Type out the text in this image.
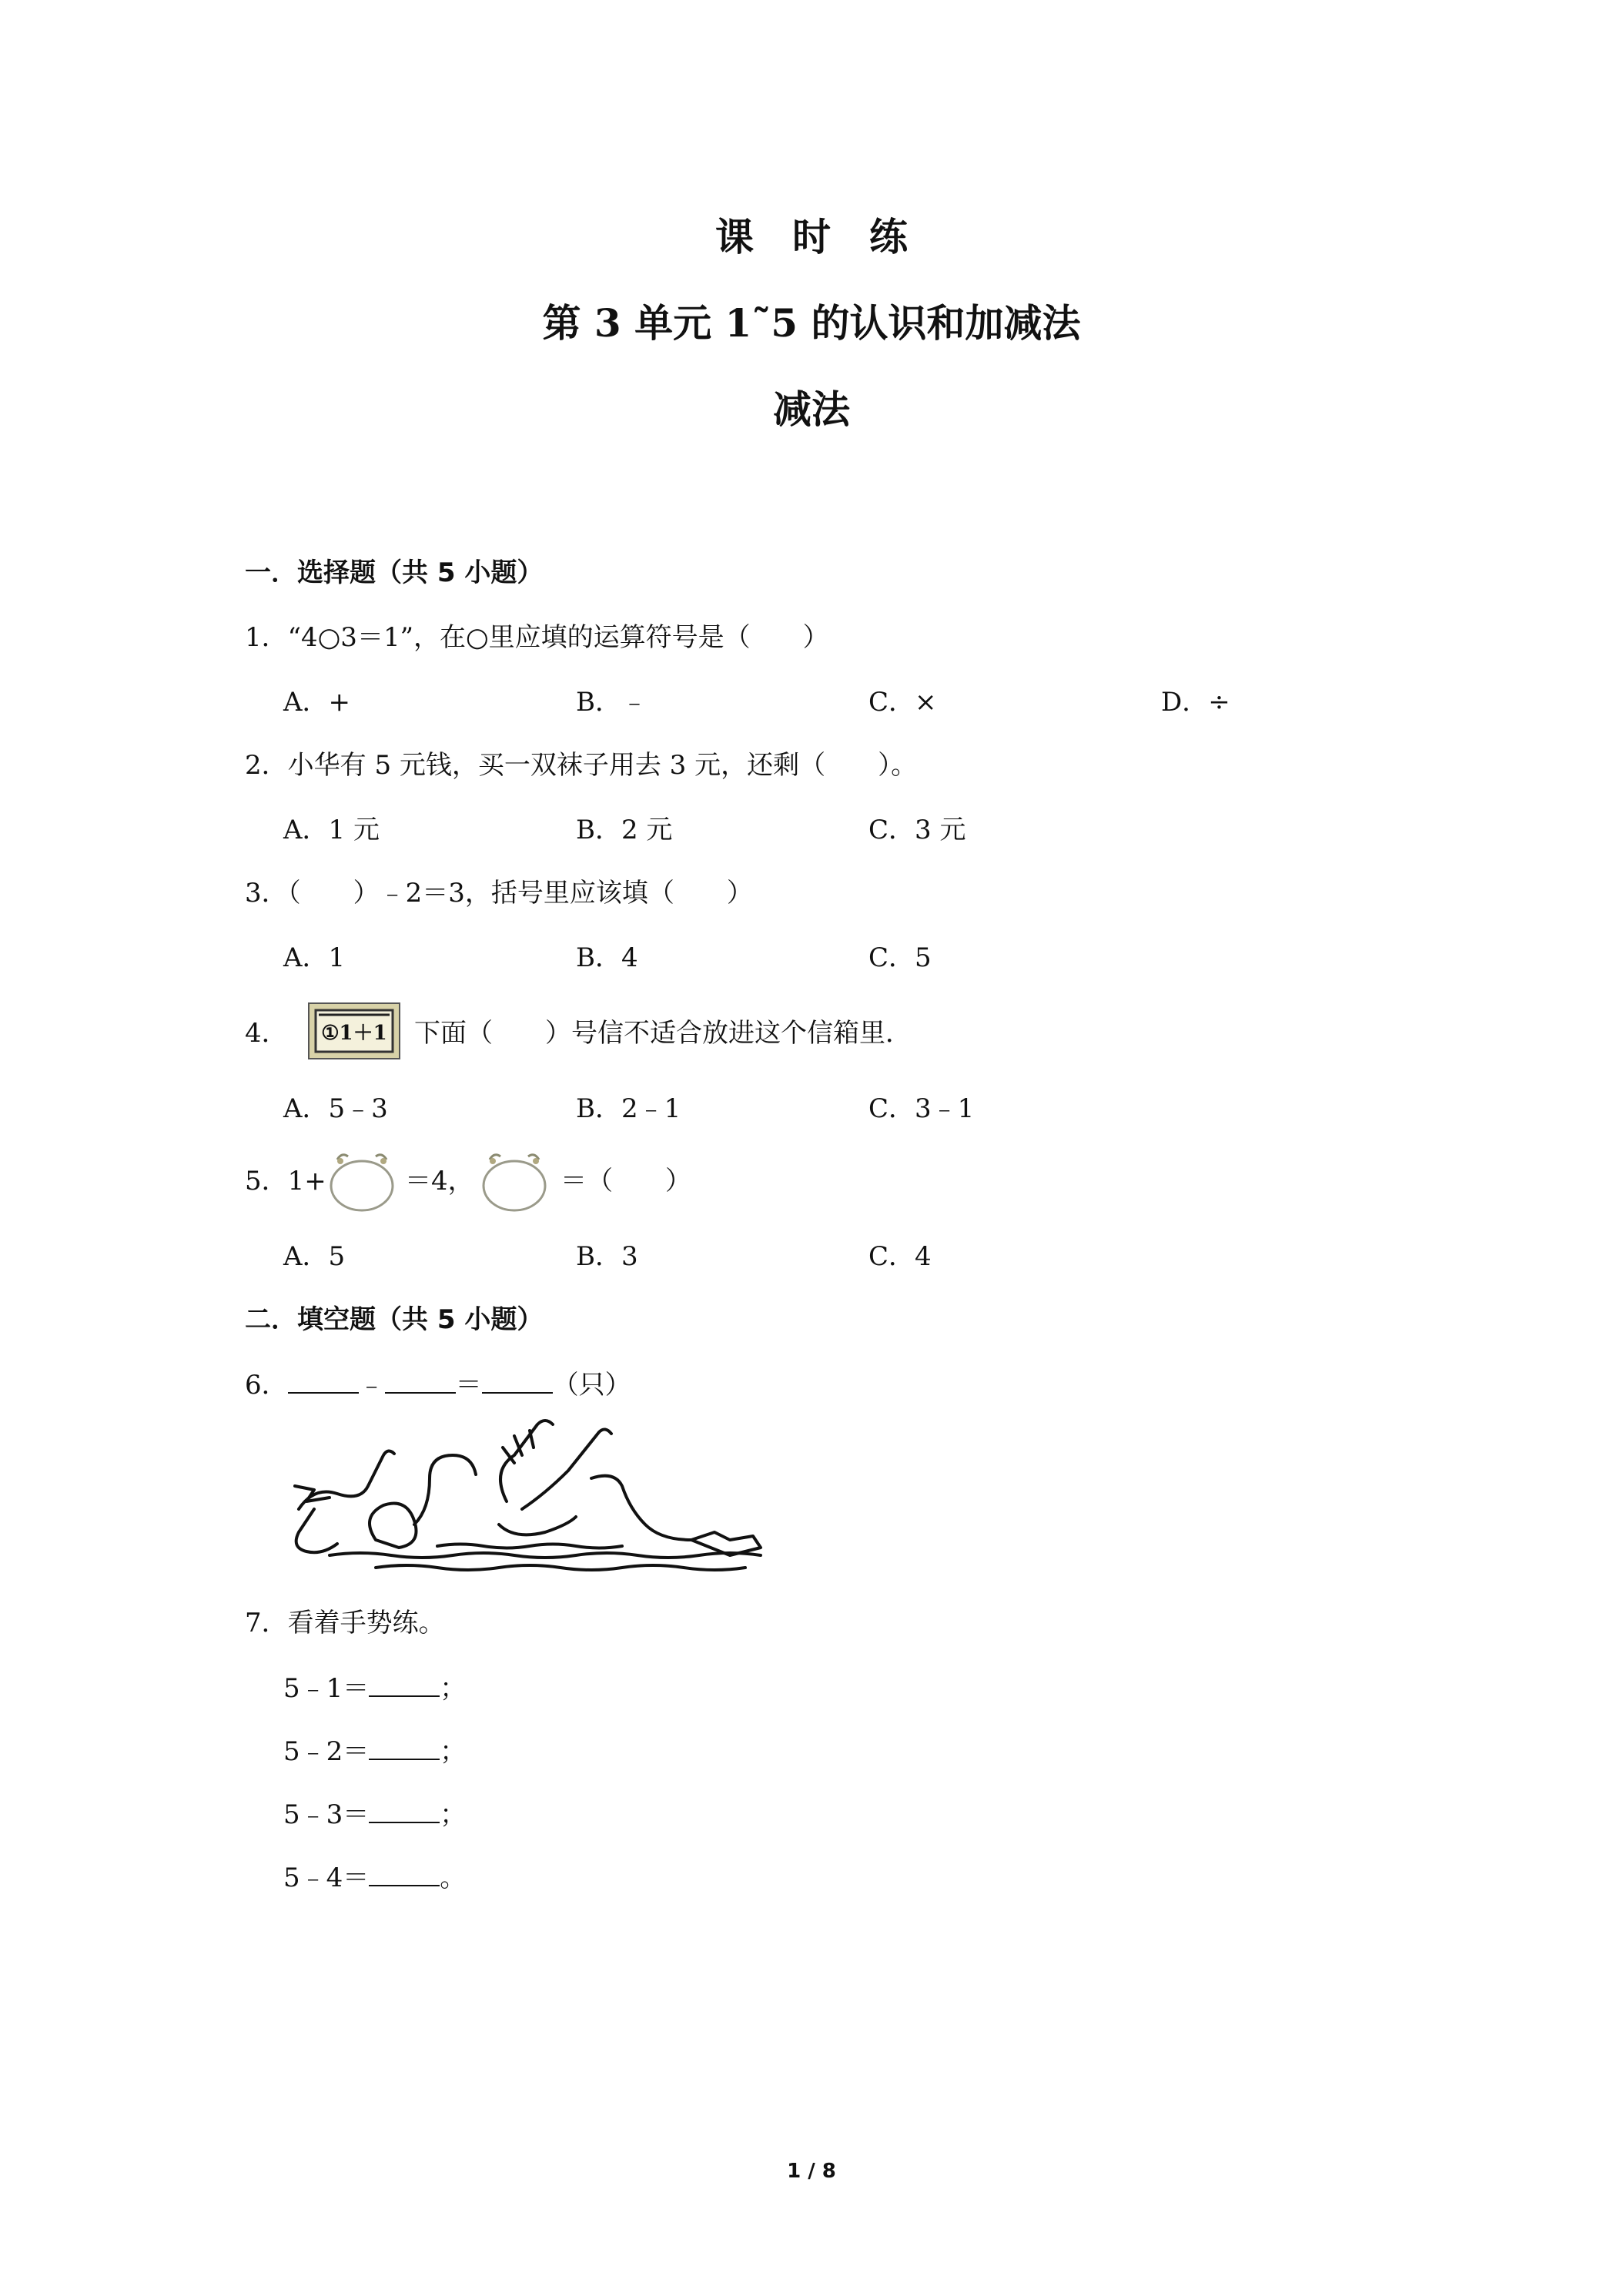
课　时　练
第 3 单元 1˜5 的认识和加减法
减法
一．选择题（共 5 小题）
1．“4○3＝1”，在○里应填的运算符号是（　　）
A．+	B．﹣	C．×	D．÷
2．小华有 5 元钱，买一双袜子用去 3 元，还剩（　　）。
A．1 元	B．2 元	C．3 元
3．（　　）﹣2＝3，括号里应该填（　　）
A．1	B．4	C．5
4． ①1＋1 下面（　　）号信不适合放进这个信箱里．
A．5﹣3	B．2﹣1	C．3﹣1
5．1+	＝4，	＝（　　）
A．5	B．3	C．4
二．填空题（共 5 小题）
6．	﹣	＝	（只）
7．看着手势练。
5﹣1＝	；
5﹣2＝	；
5﹣3＝	；
5﹣4＝	。
1 / 8
